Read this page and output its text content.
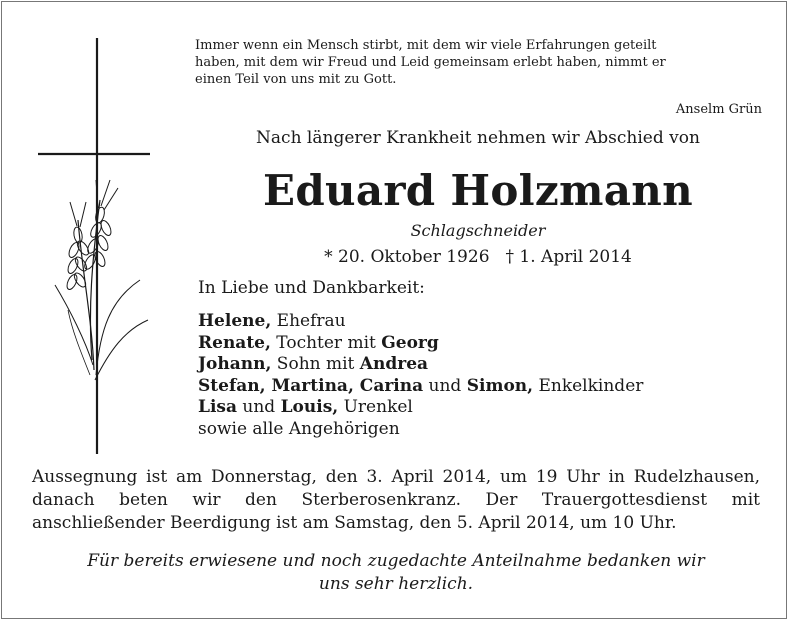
Immer wenn ein Mensch stirbt, mit dem wir viele Erfahrungen geteilt
haben, mit dem wir Freud und Leid gemeinsam erlebt haben, nimmt er
einen Teil von uns mit zu Gott.
Anselm Grün
Nach längerer Krankheit nehmen wir Abschied von
Eduard Holzmann
Schlagschneider
* 20. Oktober 1926 † 1. April 2014
In Liebe und Dankbarkeit:
Helene, Ehefrau
Renate, Tochter mit Georg
Johann, Sohn mit Andrea
Stefan, Martina, Carina und Simon, Enkelkinder
Lisa und Louis, Urenkel
sowie alle Angehörigen
Aussegnung ist am Donnerstag, den 3. April 2014, um 19 Uhr in Rudelzhausen,
danach beten wir den Sterberosenkranz. Der Trauergottesdienst mit
anschließender Beerdigung ist am Samstag, den 5. April 2014, um 10 Uhr.
Für bereits erwiesene und noch zugedachte Anteilnahme bedanken wir
uns sehr herzlich.
